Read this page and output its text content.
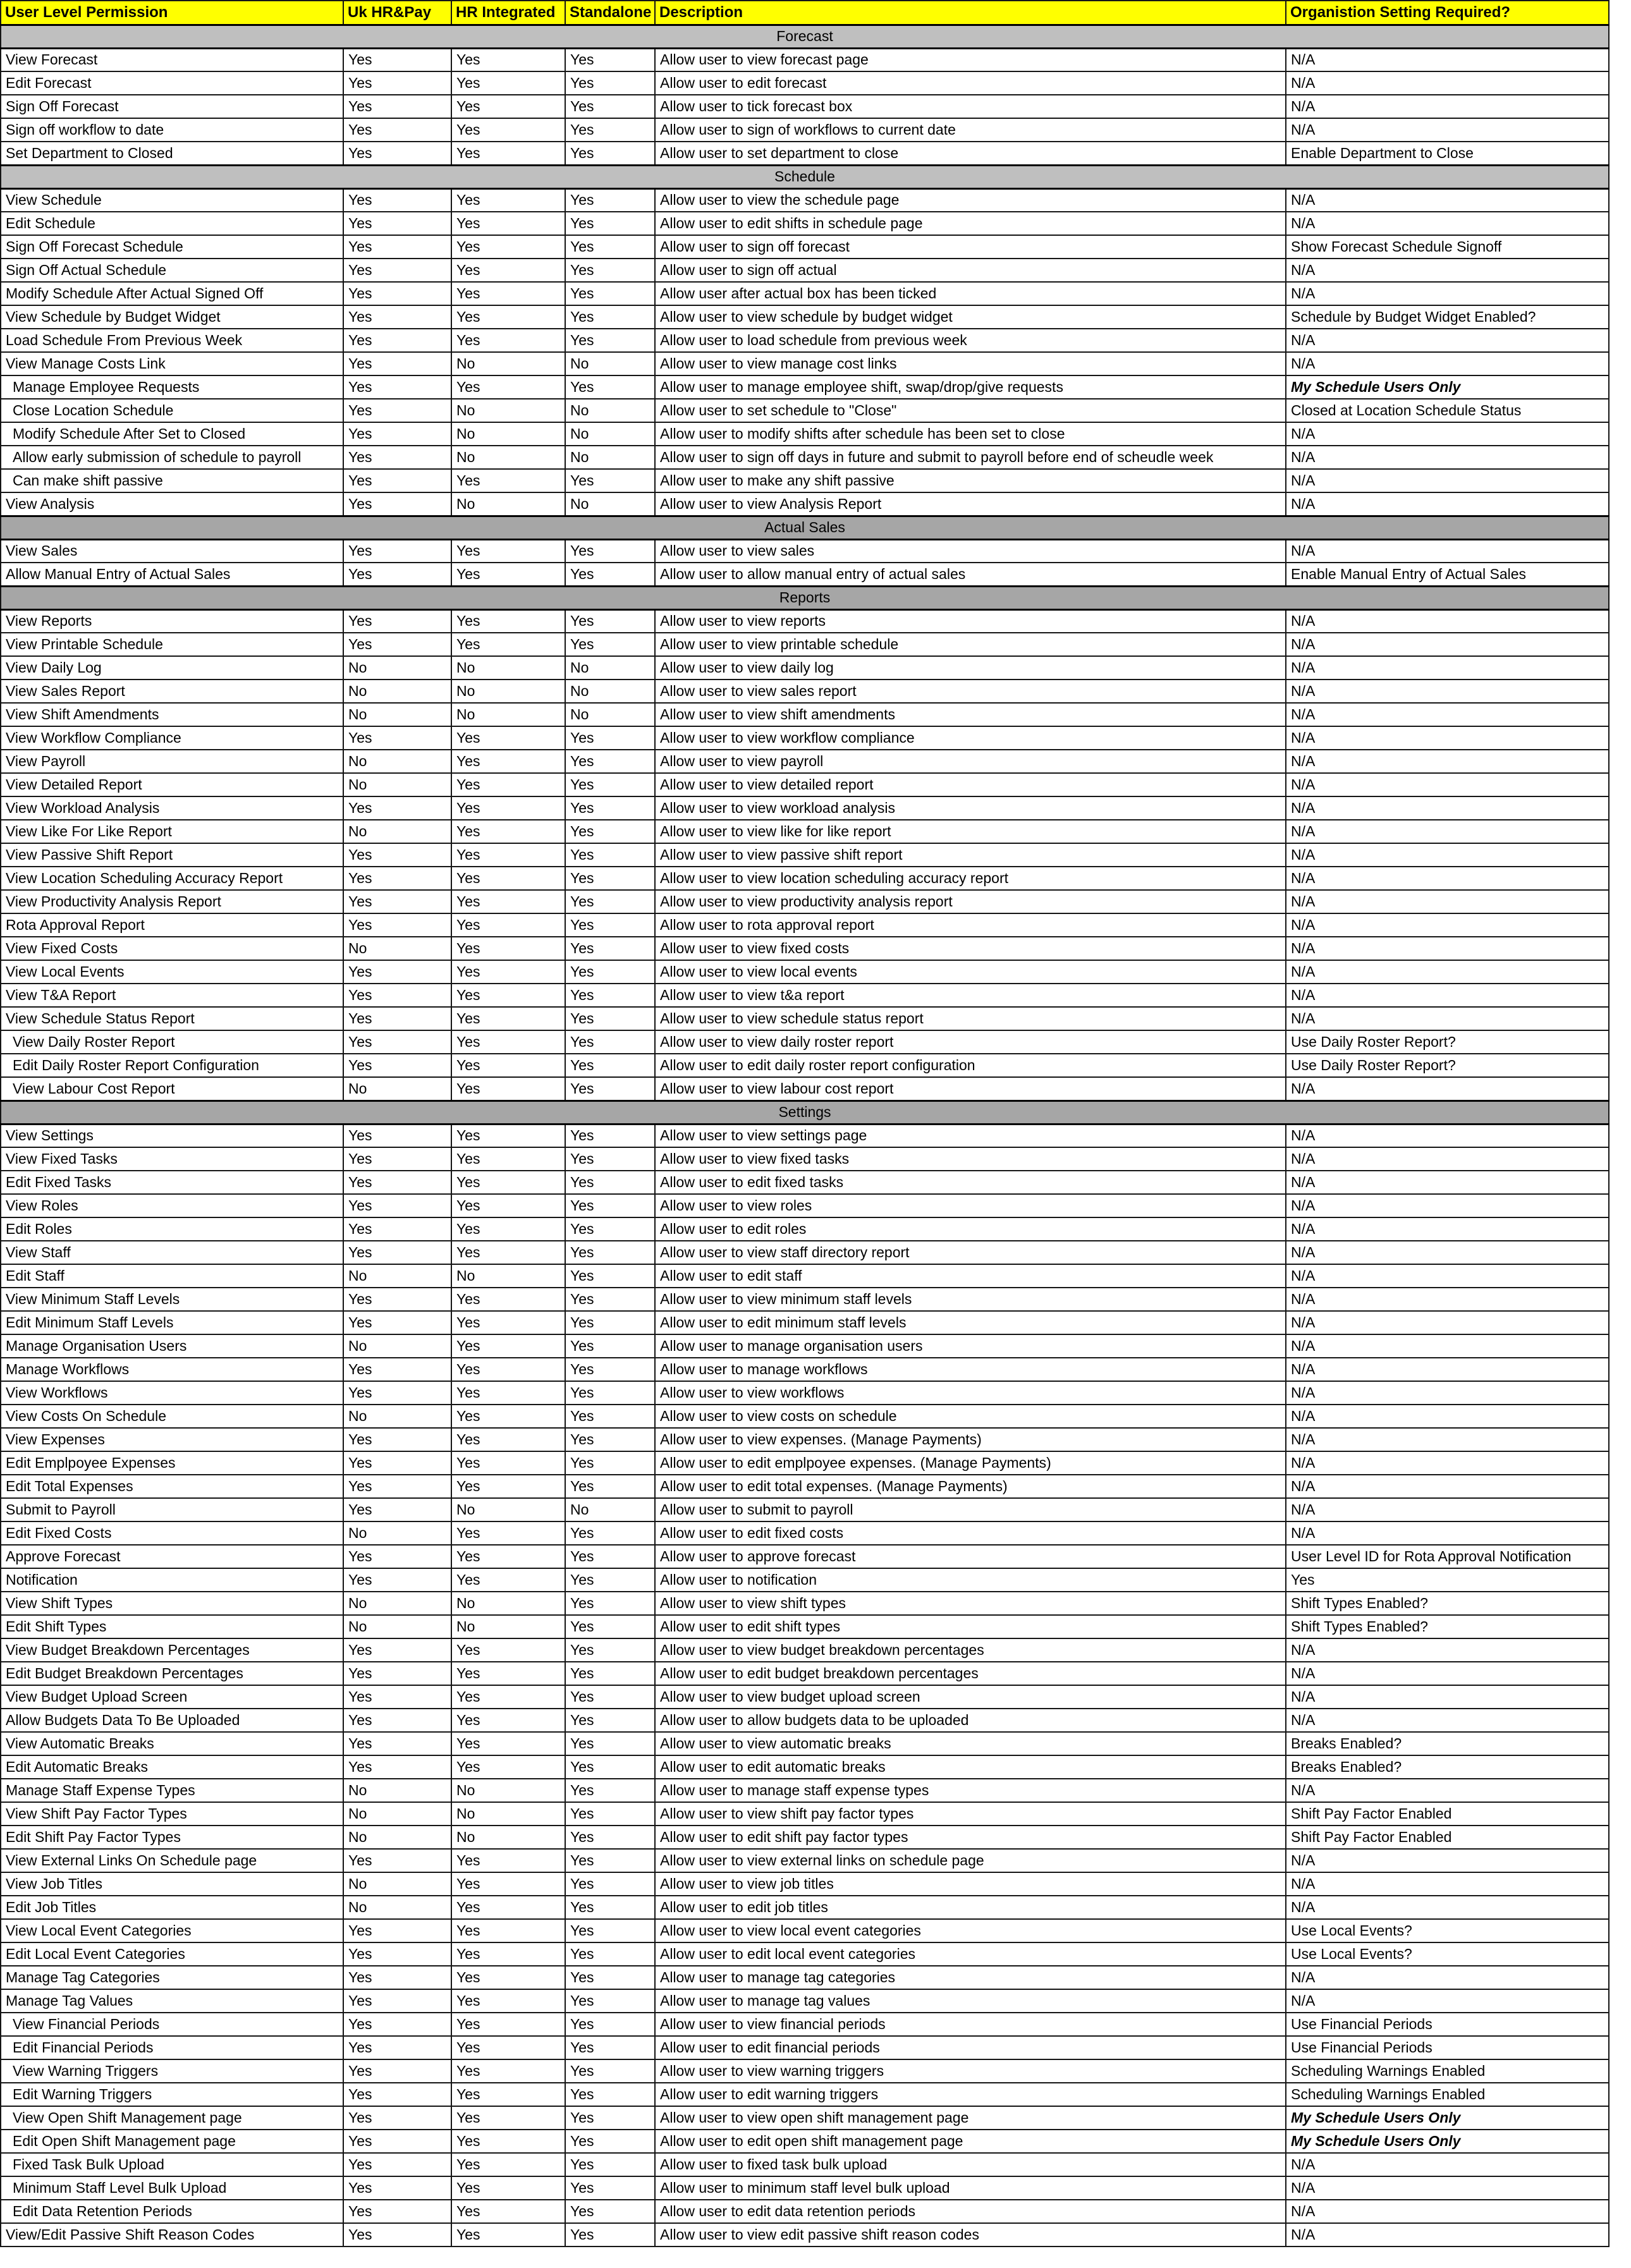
User Level Permission	Uk HR&Pay	HR Integrated	Standalone	Description	Organistion Setting Required?
Forecast					
View Forecast	Yes	Yes	Yes	Allow user to view forecast page	N/A
Edit Forecast	Yes	Yes	Yes	Allow user to edit forecast	N/A
Sign Off Forecast	Yes	Yes	Yes	Allow user to tick forecast box	N/A
Sign off workflow to date	Yes	Yes	Yes	Allow user to sign of workflows to current date	N/A
Set Department to Closed	Yes	Yes	Yes	Allow user to set department to close	Enable Department to Close
Schedule					
View Schedule	Yes	Yes	Yes	Allow user to view the schedule page	N/A
Edit Schedule	Yes	Yes	Yes	Allow user to edit shifts in schedule page	N/A
Sign Off Forecast Schedule	Yes	Yes	Yes	Allow user to sign off forecast	Show Forecast Schedule Signoff
Sign Off Actual Schedule	Yes	Yes	Yes	Allow user to sign off actual	N/A
Modify Schedule After Actual Signed Off	Yes	Yes	Yes	Allow user after actual box has been ticked	N/A
View Schedule by Budget Widget	Yes	Yes	Yes	Allow user to view schedule by budget widget	Schedule by Budget Widget Enabled?
Load Schedule From Previous Week	Yes	Yes	Yes	Allow user to load schedule from previous week	N/A
View Manage Costs Link	Yes	No	No	Allow user to view manage cost links	N/A
Manage Employee Requests	Yes	Yes	Yes	Allow user to manage employee shift, swap/drop/give requests	My Schedule Users Only
Close Location Schedule	Yes	No	No	Allow user to set schedule to "Close"	Closed at Location Schedule Status
Modify Schedule After Set to Closed	Yes	No	No	Allow user to modify shifts after schedule has been set to close	N/A
Allow early submission of schedule to payroll	Yes	No	No	Allow user to sign off days in future and submit to payroll before end of scheudle week	N/A
Can make shift passive	Yes	Yes	Yes	Allow user to make any shift passive	N/A
View Analysis	Yes	No	No	Allow user to view Analysis Report	N/A
Actual Sales					
View Sales	Yes	Yes	Yes	Allow user to view sales	N/A
Allow Manual Entry of Actual Sales	Yes	Yes	Yes	Allow user to allow manual entry of actual sales	Enable Manual Entry of Actual Sales
Reports					
View Reports	Yes	Yes	Yes	Allow user to view reports	N/A
View Printable Schedule	Yes	Yes	Yes	Allow user to view printable schedule	N/A
View Daily Log	No	No	No	Allow user to view daily log	N/A
View Sales Report	No	No	No	Allow user to view sales report	N/A
View Shift Amendments	No	No	No	Allow user to view shift amendments	N/A
View Workflow Compliance	Yes	Yes	Yes	Allow user to view workflow compliance	N/A
View Payroll	No	Yes	Yes	Allow user to view payroll	N/A
View Detailed Report	No	Yes	Yes	Allow user to view detailed report	N/A
View Workload Analysis	Yes	Yes	Yes	Allow user to view workload analysis	N/A
View Like For Like Report	No	Yes	Yes	Allow user to view like for like report	N/A
View Passive Shift Report	Yes	Yes	Yes	Allow user to view passive shift report	N/A
View Location Scheduling Accuracy Report	Yes	Yes	Yes	Allow user to view location scheduling accuracy report	N/A
View Productivity Analysis Report	Yes	Yes	Yes	Allow user to view productivity analysis report	N/A
Rota Approval Report	Yes	Yes	Yes	Allow user to rota approval report	N/A
View Fixed Costs	No	Yes	Yes	Allow user to view fixed costs	N/A
View Local Events	Yes	Yes	Yes	Allow user to view local events	N/A
View T&A Report	Yes	Yes	Yes	Allow user to view t&a report	N/A
View Schedule Status Report	Yes	Yes	Yes	Allow user to view schedule status report	N/A
View Daily Roster Report	Yes	Yes	Yes	Allow user to view daily roster report	Use Daily Roster Report?
Edit Daily Roster Report Configuration	Yes	Yes	Yes	Allow user to edit daily roster report configuration	Use Daily Roster Report?
View Labour Cost Report	No	Yes	Yes	Allow user to view labour cost report	N/A
Settings					
View Settings	Yes	Yes	Yes	Allow user to view settings page	N/A
View Fixed Tasks	Yes	Yes	Yes	Allow user to view fixed tasks	N/A
Edit Fixed Tasks	Yes	Yes	Yes	Allow user to edit fixed tasks	N/A
View Roles	Yes	Yes	Yes	Allow user to view roles	N/A
Edit Roles	Yes	Yes	Yes	Allow user to edit roles	N/A
View Staff	Yes	Yes	Yes	Allow user to view staff directory report	N/A
Edit Staff	No	No	Yes	Allow user to edit staff	N/A
View Minimum Staff Levels	Yes	Yes	Yes	Allow user to view minimum staff levels	N/A
Edit Minimum Staff Levels	Yes	Yes	Yes	Allow user to edit minimum staff levels	N/A
Manage Organisation Users	No	Yes	Yes	Allow user to manage organisation users	N/A
Manage Workflows	Yes	Yes	Yes	Allow user to manage workflows	N/A
View Workflows	Yes	Yes	Yes	Allow user to view workflows	N/A
View Costs On Schedule	No	Yes	Yes	Allow user to view costs on schedule	N/A
View Expenses	Yes	Yes	Yes	Allow user to view expenses. (Manage Payments)	N/A
Edit Emplpoyee Expenses	Yes	Yes	Yes	Allow user to edit emplpoyee expenses. (Manage Payments)	N/A
Edit Total Expenses	Yes	Yes	Yes	Allow user to edit total expenses. (Manage Payments)	N/A
Submit to Payroll	Yes	No	No	Allow user to submit to payroll	N/A
Edit Fixed Costs	No	Yes	Yes	Allow user to edit fixed costs	N/A
Approve Forecast	Yes	Yes	Yes	Allow user to approve forecast	User Level ID for Rota Approval Notification
Notification	Yes	Yes	Yes	Allow user to notification	Yes
View Shift Types	No	No	Yes	Allow user to view shift types	Shift Types Enabled?
Edit Shift Types	No	No	Yes	Allow user to edit shift types	Shift Types Enabled?
View Budget Breakdown Percentages	Yes	Yes	Yes	Allow user to view budget breakdown percentages	N/A
Edit Budget Breakdown Percentages	Yes	Yes	Yes	Allow user to edit budget breakdown percentages	N/A
View Budget Upload Screen	Yes	Yes	Yes	Allow user to view budget upload screen	N/A
Allow Budgets Data To Be Uploaded	Yes	Yes	Yes	Allow user to allow budgets data to be uploaded	N/A
View Automatic Breaks	Yes	Yes	Yes	Allow user to view automatic breaks	Breaks Enabled?
Edit Automatic Breaks	Yes	Yes	Yes	Allow user to edit automatic breaks	Breaks Enabled?
Manage Staff Expense Types	No	No	Yes	Allow user to manage staff expense types	N/A
View Shift Pay Factor Types	No	No	Yes	Allow user to view shift pay factor types	Shift Pay Factor Enabled
Edit Shift Pay Factor Types	No	No	Yes	Allow user to edit shift pay factor types	Shift Pay Factor Enabled
View External Links On Schedule page	Yes	Yes	Yes	Allow user to view external links on schedule page	N/A
View Job Titles	No	Yes	Yes	Allow user to view job titles	N/A
Edit Job Titles	No	Yes	Yes	Allow user to edit job titles	N/A
View Local Event Categories	Yes	Yes	Yes	Allow user to view local event categories	Use Local Events?
Edit Local Event Categories	Yes	Yes	Yes	Allow user to edit local event categories	Use Local Events?
Manage Tag Categories	Yes	Yes	Yes	Allow user to manage tag categories	N/A
Manage Tag Values	Yes	Yes	Yes	Allow user to manage tag values	N/A
View Financial Periods	Yes	Yes	Yes	Allow user to view financial periods	Use Financial Periods
Edit Financial Periods	Yes	Yes	Yes	Allow user to edit financial periods	Use Financial Periods
View Warning Triggers	Yes	Yes	Yes	Allow user to view warning triggers	Scheduling Warnings Enabled
Edit Warning Triggers	Yes	Yes	Yes	Allow user to edit warning triggers	Scheduling Warnings Enabled
View Open Shift Management page	Yes	Yes	Yes	Allow user to view open shift management page	My Schedule Users Only
Edit Open Shift Management page	Yes	Yes	Yes	Allow user to edit open shift management page	My Schedule Users Only
Fixed Task Bulk Upload	Yes	Yes	Yes	Allow user to fixed task bulk upload	N/A
Minimum Staff Level Bulk Upload	Yes	Yes	Yes	Allow user to minimum staff level bulk upload	N/A
Edit Data Retention Periods	Yes	Yes	Yes	Allow user to edit data retention periods	N/A
View/Edit Passive Shift Reason Codes	Yes	Yes	Yes	Allow user to view edit passive shift reason codes	N/A
